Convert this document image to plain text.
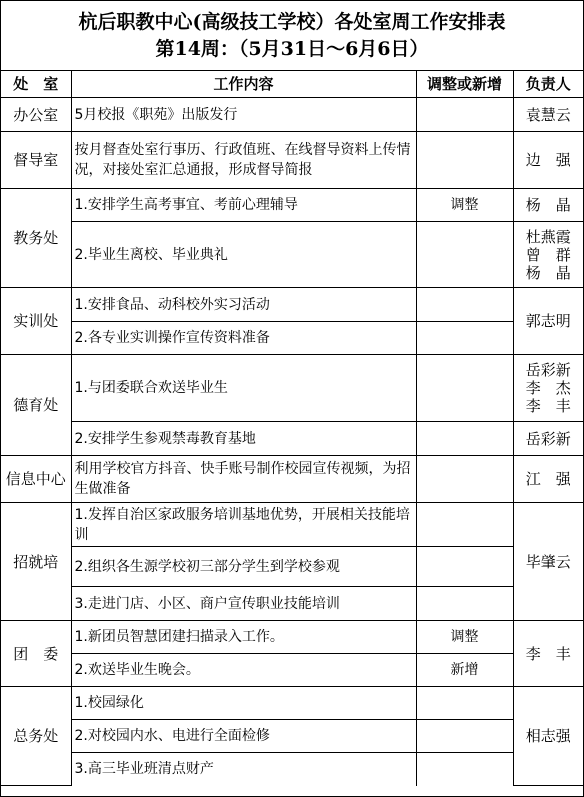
杭后职教中心(高级技工学校）各处室周工作安排表
第14周：（5月31日～6月6日）
处　室	工作内容	调整或新增	负责人
办公室	5月校报《职苑》出版发行		袁慧云

督导室	按月督查处室行事历、行政值班、在线督导资料上传情况，对接处室汇总通报，形成督导简报		边　强

教务处	1.安排学生高考事宜、考前心理辅导	调整	杨　晶

	2.毕业生离校、毕业典礼		杜燕霞
曾　群
杨　晶

实训处	1.安排食品、动科校外实习活动		郭志明

	2.各专业实训操作宣传资料准备		
德育处	1.与团委联合欢送毕业生		岳彩新
李　杰
李　丰

	2.安排学生参观禁毒教育基地		岳彩新

信息中心	利用学校官方抖音、快手账号制作校园宣传视频，为招生做准备		江　强

招就培	1.发挥自治区家政服务培训基地优势，开展相关技能培训		毕肇云

	2.组织各生源学校初三部分学生到学校参观		
	3.走进门店、小区、商户宣传职业技能培训		
团　委	1.新团员智慧团建扫描录入工作。	调整	李　丰

	2.欢送毕业生晚会。	新增	
总务处	1.校园绿化		相志强

	2.对校园内水、电进行全面检修		
	3.高三毕业班清点财产		
